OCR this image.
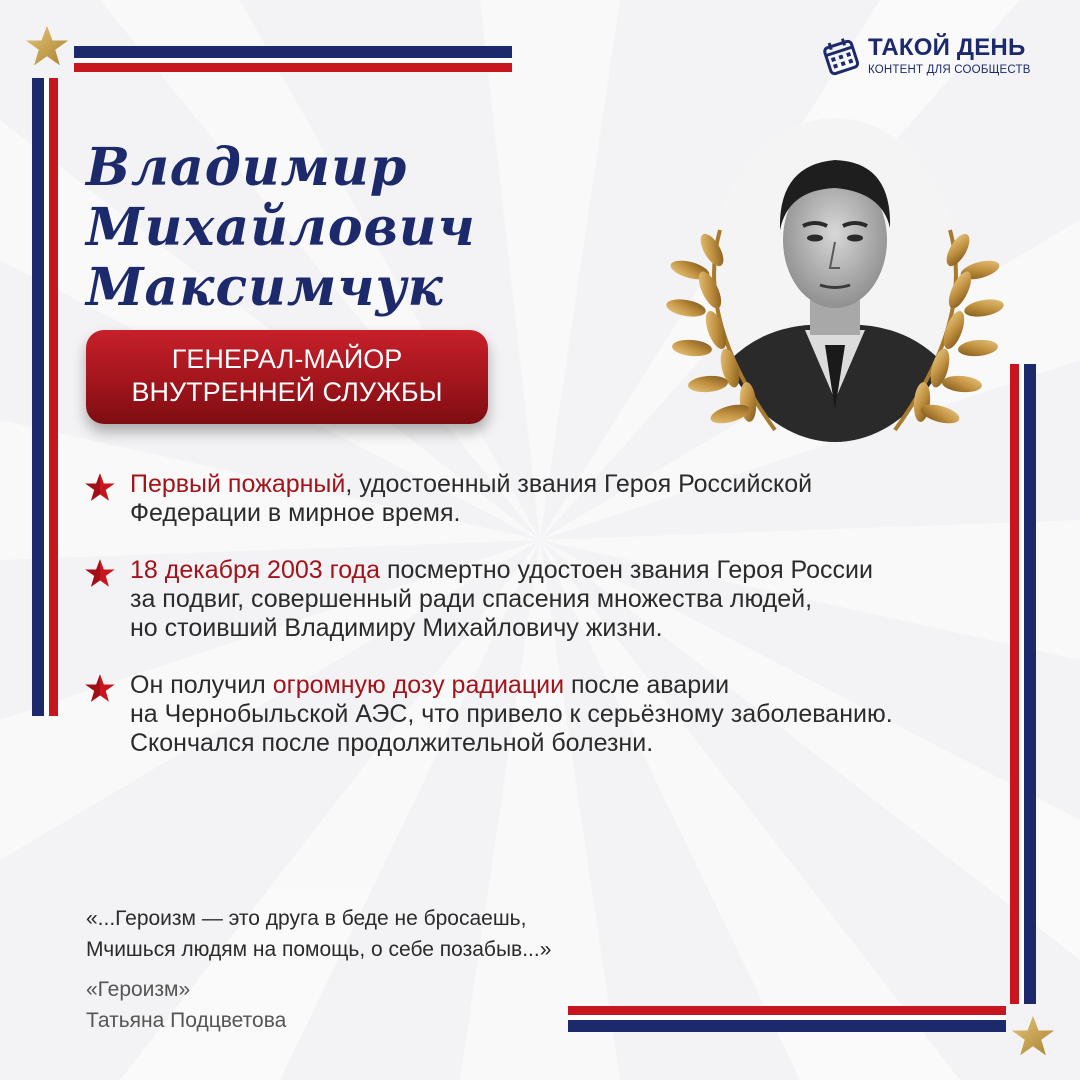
ТАКОЙ ДЕНЬ
КОНТЕНТ ДЛЯ СООБЩЕСТВ
Владимир
Михайлович
Максимчук
ГЕНЕРАЛ-МАЙОР
ВНУТРЕННЕЙ СЛУЖБЫ
Первый пожарный, удостоенный звания Героя Российской
Федерации в мирное время.
18 декабря 2003 года посмертно удостоен звания Героя России
за подвиг, совершенный ради спасения множества людей,
но стоивший Владимиру Михайловичу жизни.
Он получил огромную дозу радиации после аварии
на Чернобыльской АЭС, что привело к серьёзному заболеванию.
Скончался после продолжительной болезни.
«...Героизм — это друга в беде не бросаешь,
Мчишься людям на помощь, о себе позабыв...»
«Героизм»
Татьяна Подцветова
